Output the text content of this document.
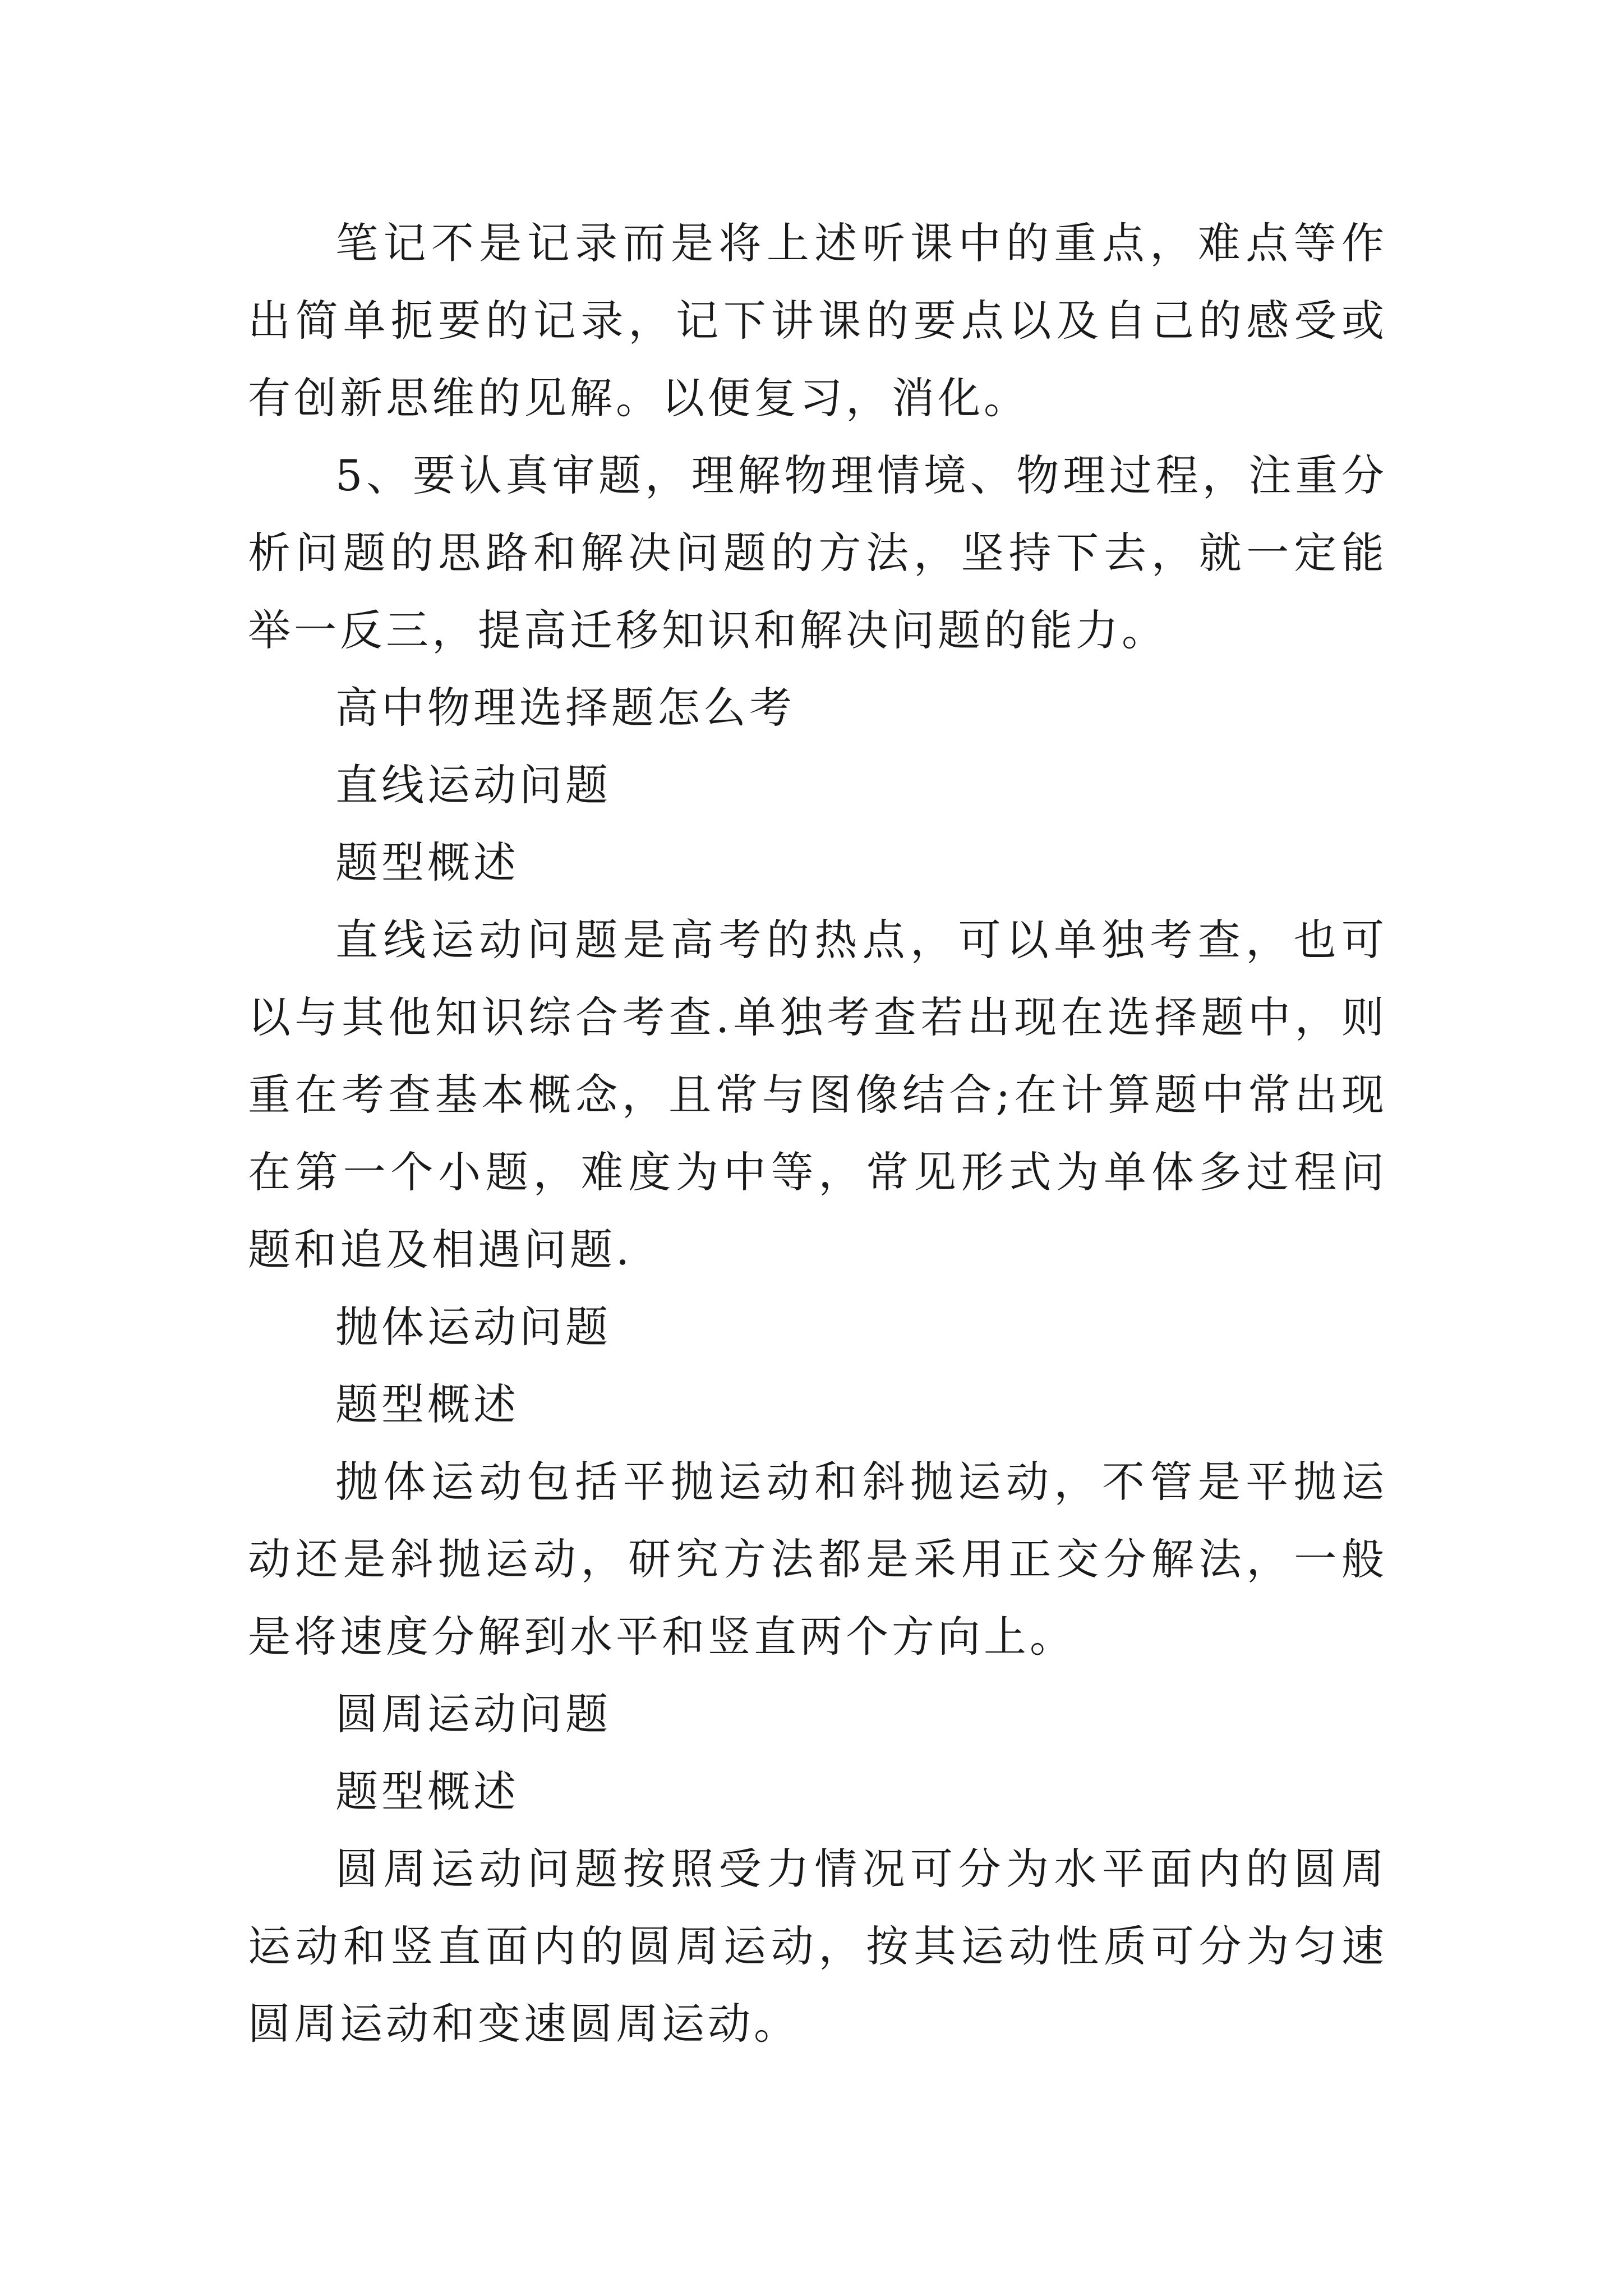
笔记不是记录而是将上述听课中的重点，难点等作出简单扼要的记录，记下讲课的要点以及自己的感受或有创新思维的见解。以便复习，消化。

5、要认真审题，理解物理情境、物理过程，注重分析问题的思路和解决问题的方法，坚持下去，就一定能举一反三，提高迁移知识和解决问题的能力。

高中物理选择题怎么考

直线运动问题

题型概述

直线运动问题是高考的热点，可以单独考查，也可以与其他知识综合考查.单独考查若出现在选择题中，则重在考查基本概念，且常与图像结合;在计算题中常出现在第一个小题，难度为中等，常见形式为单体多过程问题和追及相遇问题.

抛体运动问题

题型概述

抛体运动包括平抛运动和斜抛运动，不管是平抛运动还是斜抛运动，研究方法都是采用正交分解法，一般是将速度分解到水平和竖直两个方向上。

圆周运动问题

题型概述

圆周运动问题按照受力情况可分为水平面内的圆周运动和竖直面内的圆周运动，按其运动性质可分为匀速圆周运动和变速圆周运动。
